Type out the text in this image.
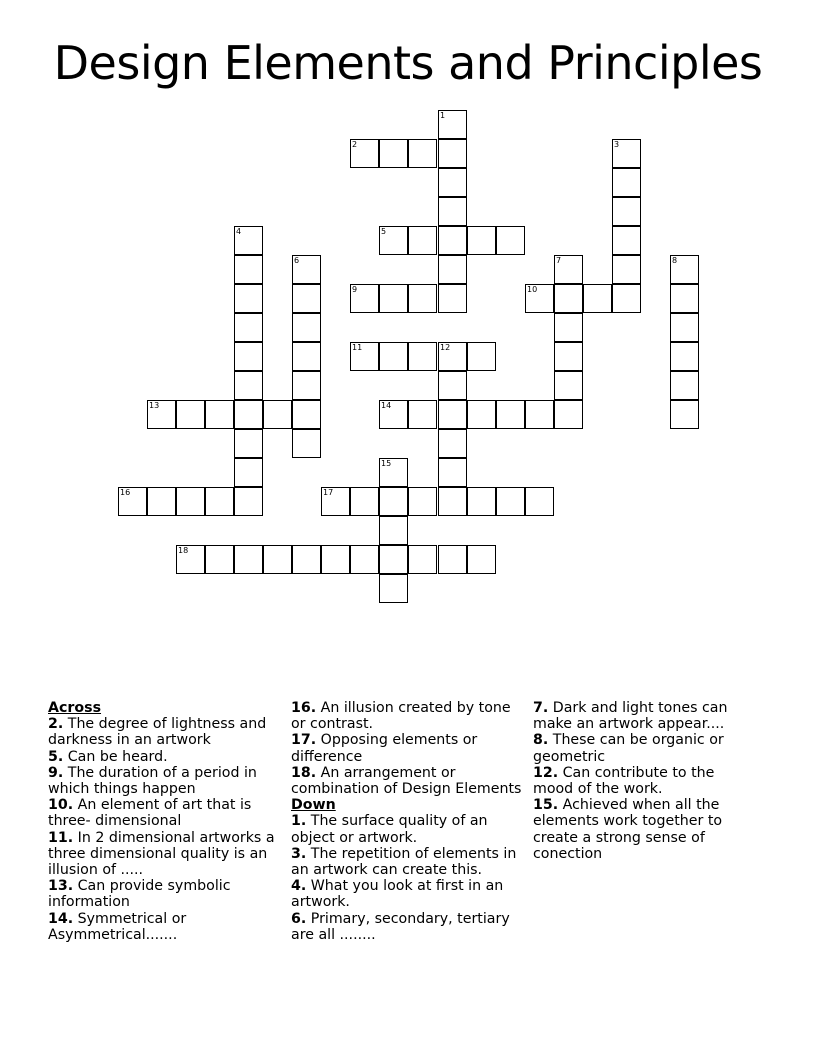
Design Elements and Principles
1
2	3
4	5
6	7	8
9	10
11	12
13	14
15
16	17
18
Across
2. The degree of lightness and darkness in an artwork
5. Can be heard.
9. The duration of a period in which things happen
10. An element of art that is three- dimensional
11. In 2 dimensional artworks a three dimensional quality is an illusion of .....
13. Can provide symbolic information
14. Symmetrical or Asymmetrical.......
16. An illusion created by tone or contrast.
17. Opposing elements or difference
18. An arrangement or combination of Design Elements
Down
1. The surface quality of an object or artwork.
3. The repetition of elements in an artwork can create this.
4. What you look at first in an artwork.
6. Primary, secondary, tertiary are all ........
7. Dark and light tones can make an artwork appear....
8. These can be organic or geometric
12. Can contribute to the mood of the work.
15. Achieved when all the elements work together to create a strong sense of conection
